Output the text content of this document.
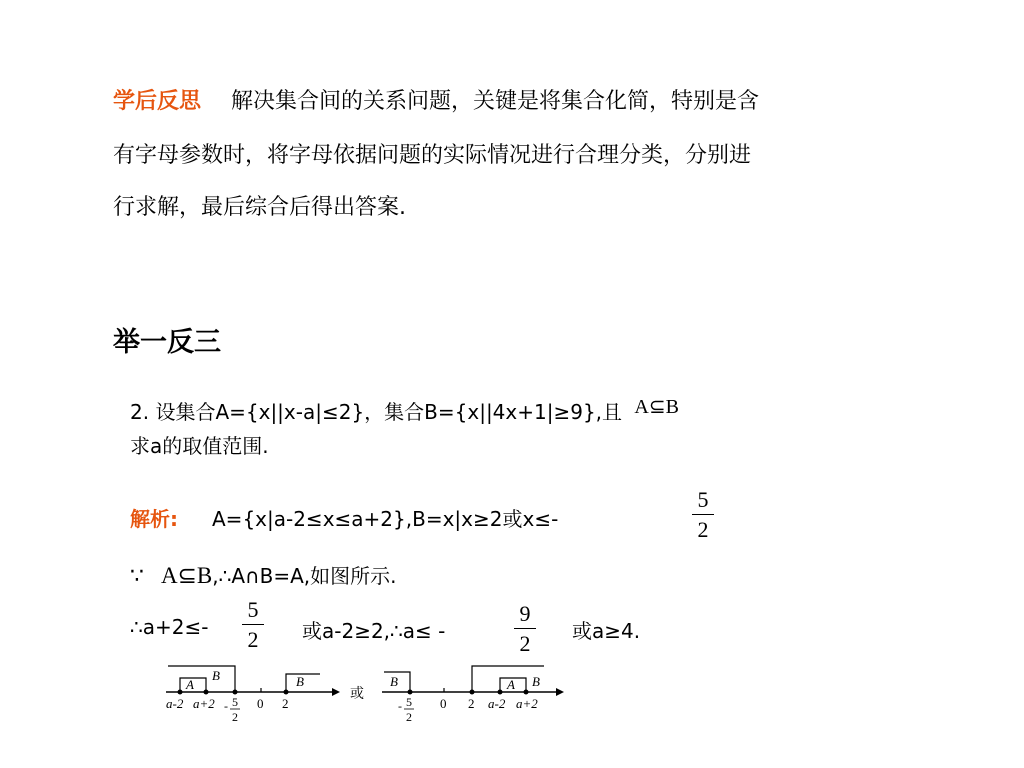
学后反思 解决集合间的关系问题，关键是将集合化简，特别是含
有字母参数时，将字母依据问题的实际情况进行合理分类，分别进
行求解，最后综合后得出答案.
举一反三
2. 设集合A={x||x-a|≤2}，集合B={x||4x+1|≥9},且 A⊆B
求a的取值范围.
解析: A={x|a-2≤x≤a+2},B=x|x≥2或x≤-
5
2
∵ A⊆B,∴A∩B=A,如图所示.
∴a+2≤-
5
2 或a-2≥2,∴a≤ -
9
2 或a≥4.
A
B	B
a-2 a+2	0 2
- 5
2
或
B	B
A
0 2 a-2 a+2
- 5
2
